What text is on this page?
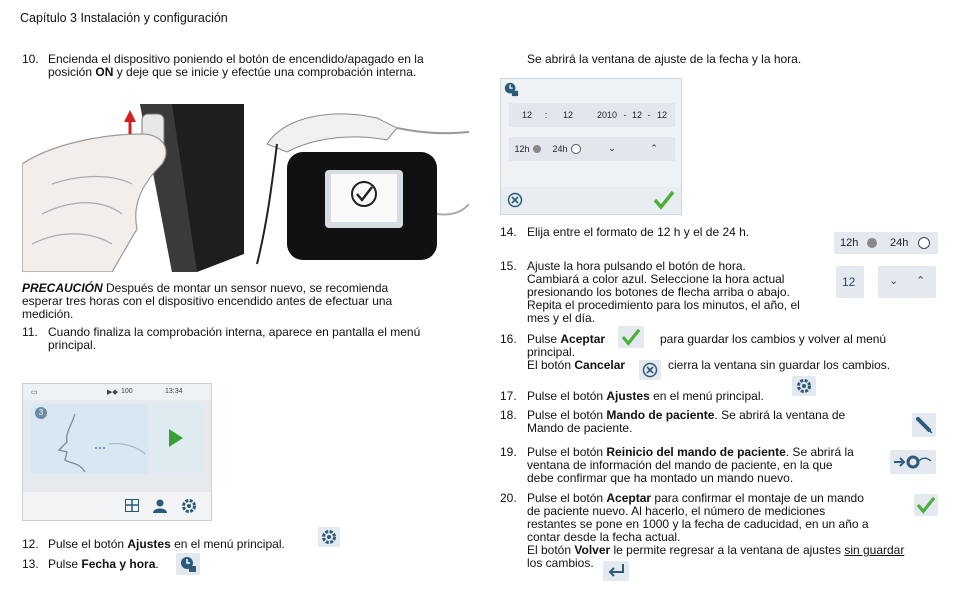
Capítulo 3 Instalación y configuración
10. Encienda el dispositivo poniendo el botón de encendido/apagado en la
posición ON y deje que se inicie y efectúe una comprobación interna.
PRECAUCIÓN Después de montar un sensor nuevo, se recomienda
esperar tres horas con el dispositivo encendido antes de efectuar una
medición.
11. Cuando finaliza la comprobación interna, aparece en pantalla el menú
principal.
▭	▶◆ 100	13:34
3
12. Pulse el botón Ajustes en el menú principal.
13. Pulse Fecha y hora.
Se abrirá la ventana de ajuste de la fecha y la hora.
12	:	12	2010 - 12 - 12
12h	24h	⌄	⌃
14. Elija entre el formato de 12 h y el de 24 h.
12h	24h
15. Ajuste la hora pulsando el botón de hora.
Cambiará a color azul. Seleccione la hora actual
presionando los botones de flecha arriba o abajo.
Repita el procedimiento para los minutos, el año, el
mes y el día.
12	⌄ ⌃
16. Pulse Aceptar	para guardar los cambios y volver al menú
principal.
El botón Cancelar	cierra la ventana sin guardar los cambios.
17. Pulse el botón Ajustes en el menú principal.
18. Pulse el botón Mando de paciente. Se abrirá la ventana de
Mando de paciente.
19. Pulse el botón Reinicio del mando de paciente. Se abrirá la
ventana de información del mando de paciente, en la que
debe confirmar que ha montado un mando nuevo.
20. Pulse el botón Aceptar para confirmar el montaje de un mando
de paciente nuevo. Al hacerlo, el número de mediciones
restantes se pone en 1000 y la fecha de caducidad, en un año a
contar desde la fecha actual.
El botón Volver le permite regresar a la ventana de ajustes sin guardar
los cambios.
